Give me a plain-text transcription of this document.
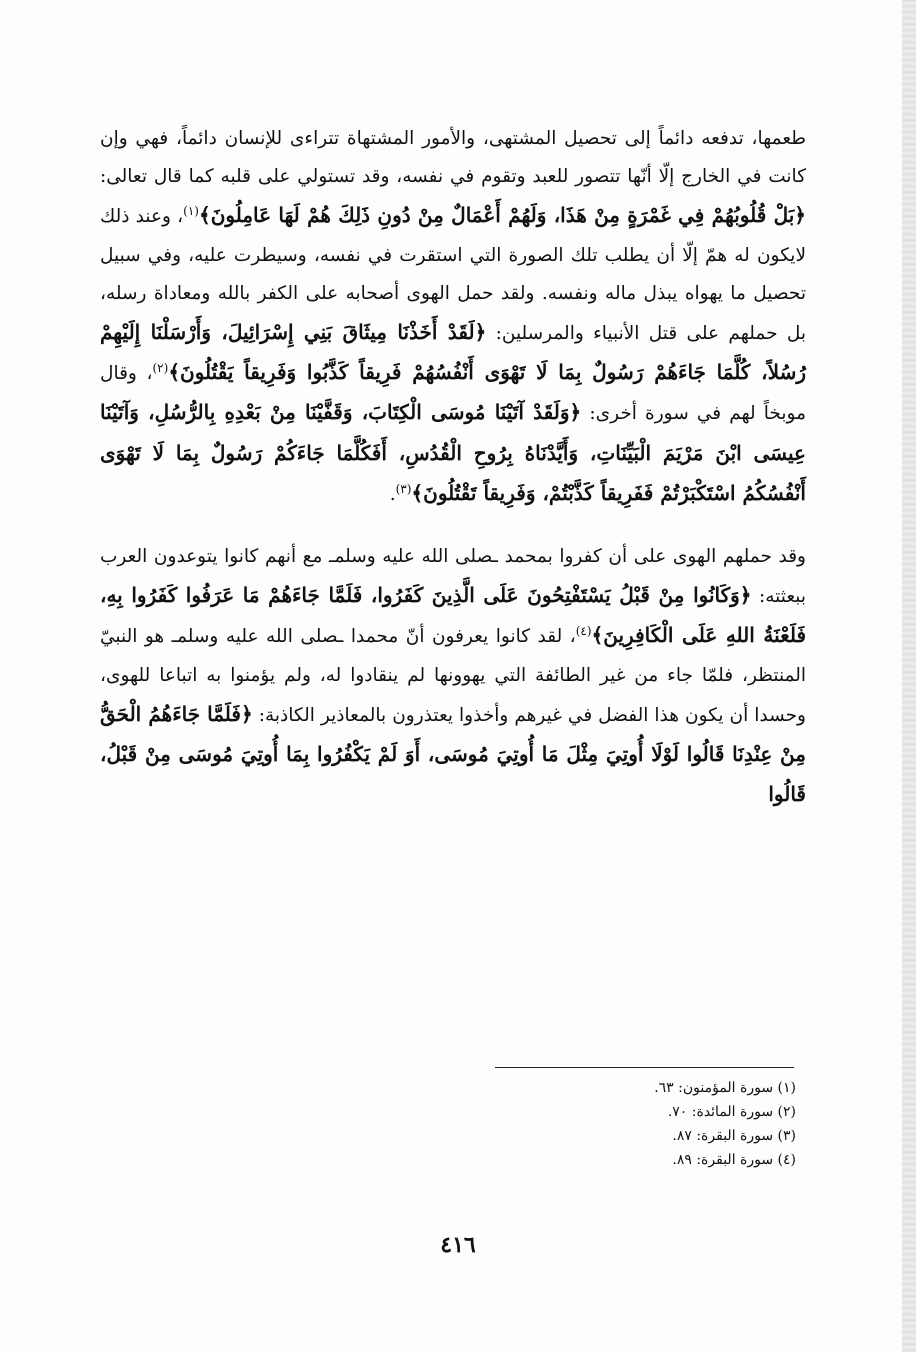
طعمها، تدفعه دائماً إلى تحصيل المشتهى، والأمور المشتهاة تتراءى للإنسان دائماً، فهي وإن كانت في الخارج إلّا أنّها تتصور للعبد وتقوم في نفسه، وقد تستولي على قلبه كما قال تعالى: ﴿بَلْ قُلُوبُهُمْ فِي غَمْرَةٍ مِنْ هَذَا، وَلَهُمْ أَعْمَالٌ مِنْ دُونِ ذَلِكَ هُمْ لَهَا عَامِلُونَ﴾$^{(١)}$، وعند ذلك لايكون له همّ إلّا أن يطلب تلك الصورة التي استقرت في نفسه، وسيطرت عليه، وفي سبيل تحصيل ما يهواه يبذل ماله ونفسه. ولقد حمل الهوى أصحابه على الكفر بالله ومعاداة رسله، بل حملهم على قتل الأنبياء والمرسلين: ﴿لَقَدْ أَخَذْنَا مِيثَاقَ بَنِي إِسْرَائِيلَ، وَأَرْسَلْنَا إِلَيْهِمْ رُسُلاً، كُلَّمَا جَاءَهُمْ رَسُولٌ بِمَا لَا تَهْوَى أَنْفُسُهُمْ فَرِيقاً كَذَّبُوا وَفَرِيقاً يَقْتُلُونَ﴾$^{(٢)}$، وقال موبخاً لهم في سورة أخرى: ﴿وَلَقَدْ آتَيْنَا مُوسَى الْكِتَابَ، وَقَفَّيْنَا مِنْ بَعْدِهِ بِالرُّسُلِ، وَآتَيْنَا عِيسَى ابْنَ مَرْيَمَ الْبَيِّنَاتِ، وَأَيَّدْنَاهُ بِرُوحِ الْقُدُسِ، أَفَكُلَّمَا جَاءَكُمْ رَسُولٌ بِمَا لَا تَهْوَى أَنْفُسُكُمُ اسْتَكْبَرْتُمْ فَفَرِيقاً كَذَّبْتُمْ، وَفَرِيقاً تَقْتُلُونَ﴾$^{(٣)}$.

وقد حملهم الهوى على أن كفروا بمحمد ـصلى الله عليه وسلمـ مع أنهم كانوا يتوعدون العرب ببعثته: ﴿وَكَانُوا مِنْ قَبْلُ يَسْتَفْتِحُونَ عَلَى الَّذِينَ كَفَرُوا، فَلَمَّا جَاءَهُمْ مَا عَرَفُوا كَفَرُوا بِهِ، فَلَعْنَةُ اللهِ عَلَى الْكَافِرِينَ﴾$^{(٤)}$، لقد كانوا يعرفون أنّ محمدا ـصلى الله عليه وسلمـ هو النبيّ المنتظر، فلمّا جاء من غير الطائفة التي يهوونها لم ينقادوا له، ولم يؤمنوا به اتباعا للهوى، وحسدا أن يكون هذا الفضل في غيرهم وأخذوا يعتذرون بالمعاذير الكاذبة: ﴿فَلَمَّا جَاءَهُمُ الْحَقُّ مِنْ عِنْدِنَا قَالُوا لَوْلَا أُوتِيَ مِثْلَ مَا أُوتِيَ مُوسَى، أَوَ لَمْ يَكْفُرُوا بِمَا أُوتِيَ مُوسَى مِنْ قَبْلُ، قَالُوا

(١) سورة المؤمنون: ٦٣.
(٢) سورة المائدة: ٧٠.
(٣) سورة البقرة: ٨٧.
(٤) سورة البقرة: ٨٩.
٤١٦
